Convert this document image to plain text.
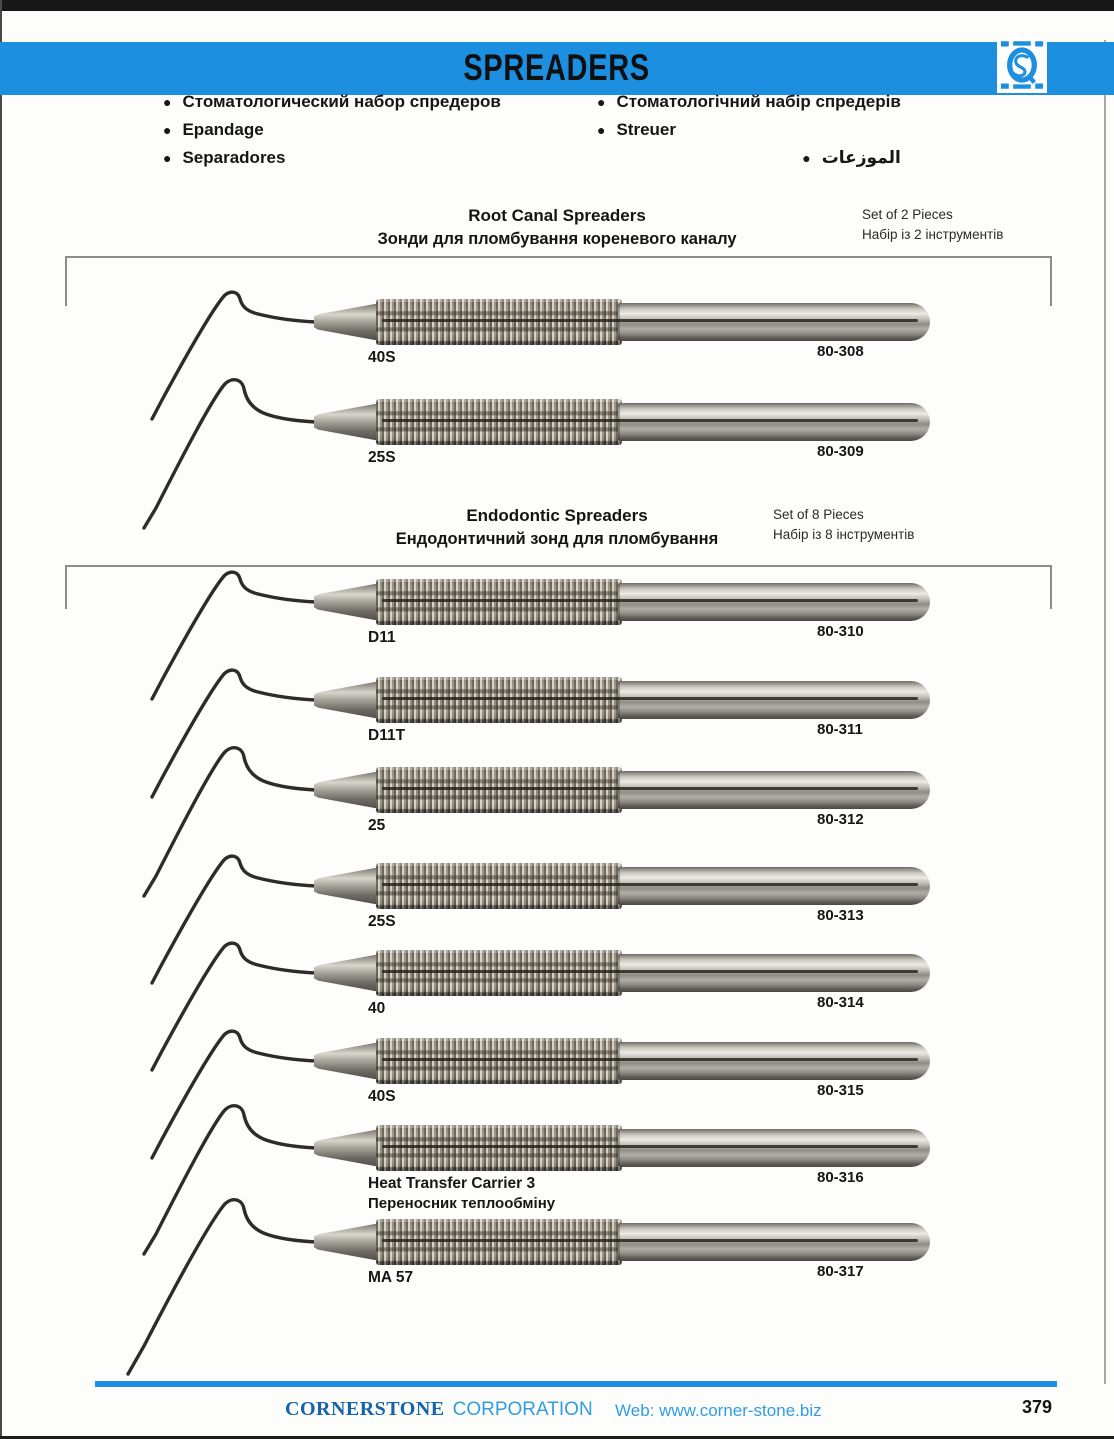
SPREADERS
● Стоматологический набор спредеров
● Epandage
● Separadores
● Стоматологічний набір спредерів
● Streuer
● الموزعات
Root Canal Spreaders
Зонди для пломбування кореневого каналу
Set of 2 Pieces
Набір із 2 інструментів
40S	80-308
25S	80-309
Endodontic Spreaders
Ендодонтичний зонд для пломбування
Set of 8 Pieces
Набір із 8 інструментів
D11	80-310
D11T	80-311
25	80-312
25S	80-313
40	80-314
40S	80-315
Heat Transfer Carrier 3
Переносник теплообміну
80-316
MA 57	80-317
CORNERSTONE CORPORATION Web: www.corner-stone.biz	379
